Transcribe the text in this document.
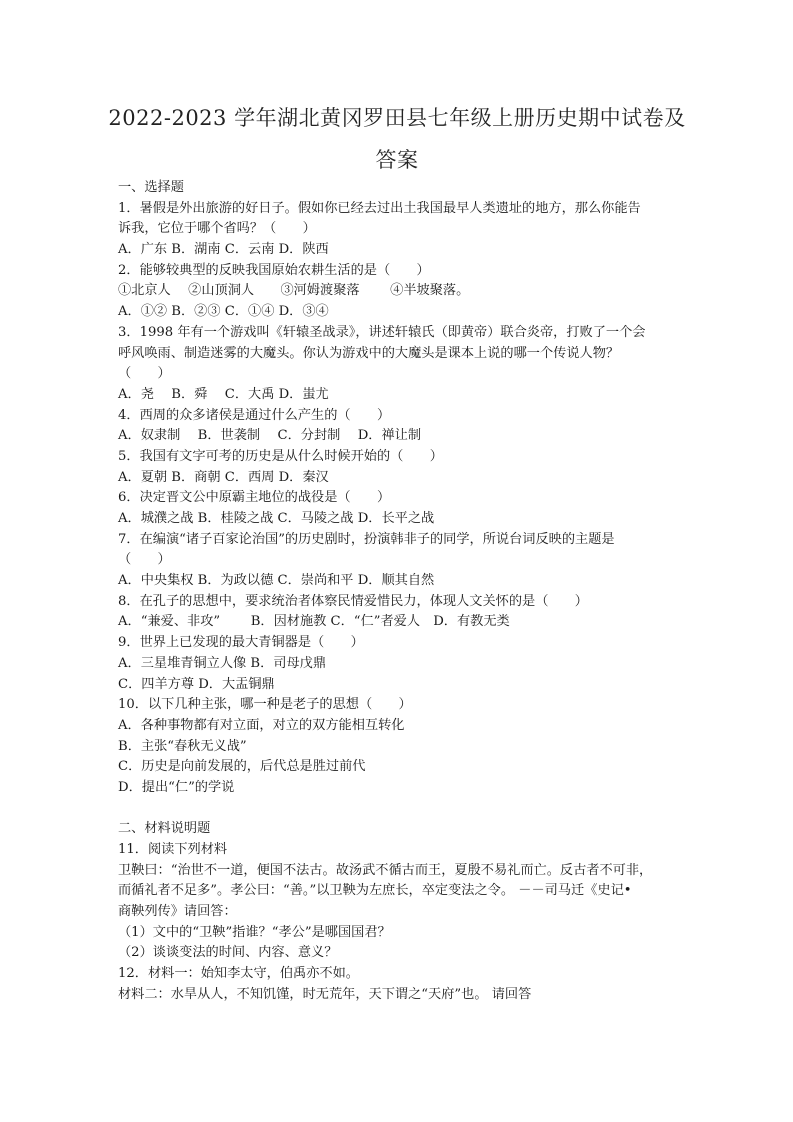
2022-2023 学年湖北黄冈罗田县七年级上册历史期中试卷及
答案
一、选择题
1．暑假是外出旅游的好日子。假如你已经去过出土我国最早人类遗址的地方，那么你能告
诉我，它位于哪个省吗？（　　）
A．广东 B．湖南 C．云南 D．陕西
2．能够较典型的反映我国原始农耕生活的是（　　）
①北京人　 ②山顶洞人　　③河姆渡聚落　　 ④半坡聚落。
A．①② B．②③ C．①④ D．③④
3．1998 年有一个游戏叫《轩辕圣战录》，讲述轩辕氏（即黄帝）联合炎帝，打败了一个会
呼风唤雨、制造迷雾的大魔头。你认为游戏中的大魔头是课本上说的哪一个传说人物？
（　　）
A．尧　 B．舜　 C．大禹 D．蚩尤
4．西周的众多诸侯是通过什么产生的（　　）
A．奴隶制　 B．世袭制　 C．分封制　 D．禅让制
5．我国有文字可考的历史是从什么时候开始的（　　）
A．夏朝 B．商朝 C．西周 D．秦汉
6．决定晋文公中原霸主地位的战役是（　　）
A．城濮之战 B．桂陵之战 C．马陵之战 D．长平之战
7．在编演“诸子百家论治国”的历史剧时，扮演韩非子的同学，所说台词反映的主题是
（　　）
A．中央集权 B．为政以德 C．崇尚和平 D．顺其自然
8．在孔子的思想中，要求统治者体察民情爱惜民力，体现人文关怀的是（　　）
A．“兼爱、非攻”　　 B．因材施教 C．“仁”者爱人　D．有教无类
9．世界上已发现的最大青铜器是（　　）
A．三星堆青铜立人像 B．司母戊鼎
C．四羊方尊 D．大盂铜鼎
10．以下几种主张，哪一种是老子的思想（　　）
A．各种事物都有对立面，对立的双方能相互转化
B．主张“春秋无义战”
C．历史是向前发展的，后代总是胜过前代
D．提出“仁”的学说
二、材料说明题
11．阅读下列材料
卫鞅曰：“治世不一道，便国不法古。故汤武不循古而王，夏殷不易礼而亡。反古者不可非，
而循礼者不足多”。孝公曰：“善。”以卫鞅为左庶长，卒定变法之令。 －－司马迁《史记•
商鞅列传》请回答：
（1）文中的“卫鞅”指谁？“孝公”是哪国国君？
（2）谈谈变法的时间、内容、意义？
12．材料一：始知李太守，伯禹亦不如。
材料二：水旱从人，不知饥馑，时无荒年，天下谓之“天府”也。 请回答
